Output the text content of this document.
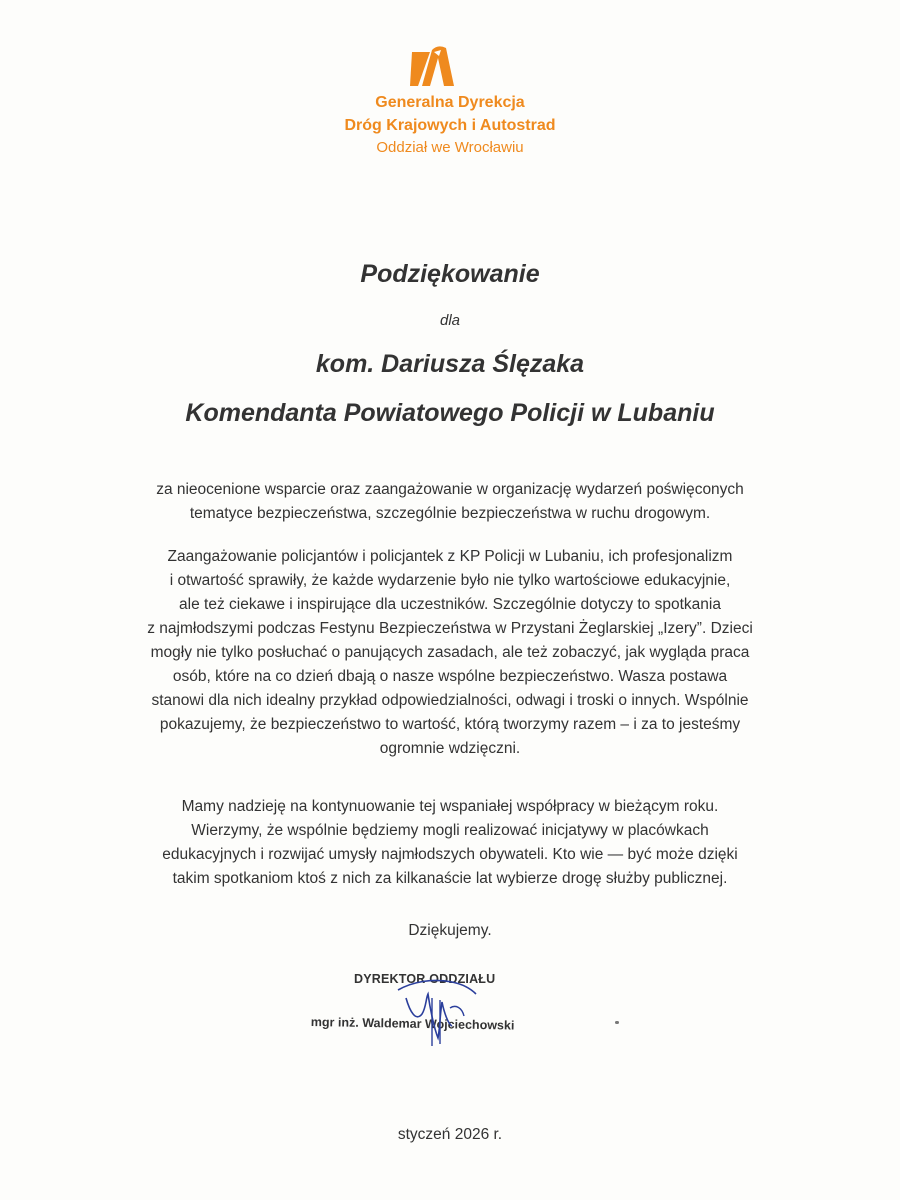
Generalna Dyrekcja
Dróg Krajowych i Autostrad
Oddział we Wrocławiu
Podziękowanie
dla
kom. Dariusza Ślęzaka
Komendanta Powiatowego Policji w Lubaniu
za nieocenione wsparcie oraz zaangażowanie w organizację wydarzeń poświęconych
tematyce bezpieczeństwa, szczególnie bezpieczeństwa w ruchu drogowym.
Zaangażowanie policjantów i policjantek z KP Policji w Lubaniu, ich profesjonalizm
i otwartość sprawiły, że każde wydarzenie było nie tylko wartościowe edukacyjnie,
ale też ciekawe i inspirujące dla uczestników. Szczególnie dotyczy to spotkania
z najmłodszymi podczas Festynu Bezpieczeństwa w Przystani Żeglarskiej „Izery”. Dzieci
mogły nie tylko posłuchać o panujących zasadach, ale też zobaczyć, jak wygląda praca
osób, które na co dzień dbają o nasze wspólne bezpieczeństwo. Wasza postawa
stanowi dla nich idealny przykład odpowiedzialności, odwagi i troski o innych. Wspólnie
pokazujemy, że bezpieczeństwo to wartość, którą tworzymy razem – i za to jesteśmy
ogromnie wdzięczni.
Mamy nadzieję na kontynuowanie tej wspaniałej współpracy w bieżącym roku.
Wierzymy, że wspólnie będziemy mogli realizować inicjatywy w placówkach
edukacyjnych i rozwijać umysły najmłodszych obywateli. Kto wie — być może dzięki
takim spotkaniom ktoś z nich za kilkanaście lat wybierze drogę służby publicznej.
Dziękujemy.
DYREKTOR ODDZIAŁU
mgr inż. Waldemar Wojciechowski
styczeń 2026 r.
